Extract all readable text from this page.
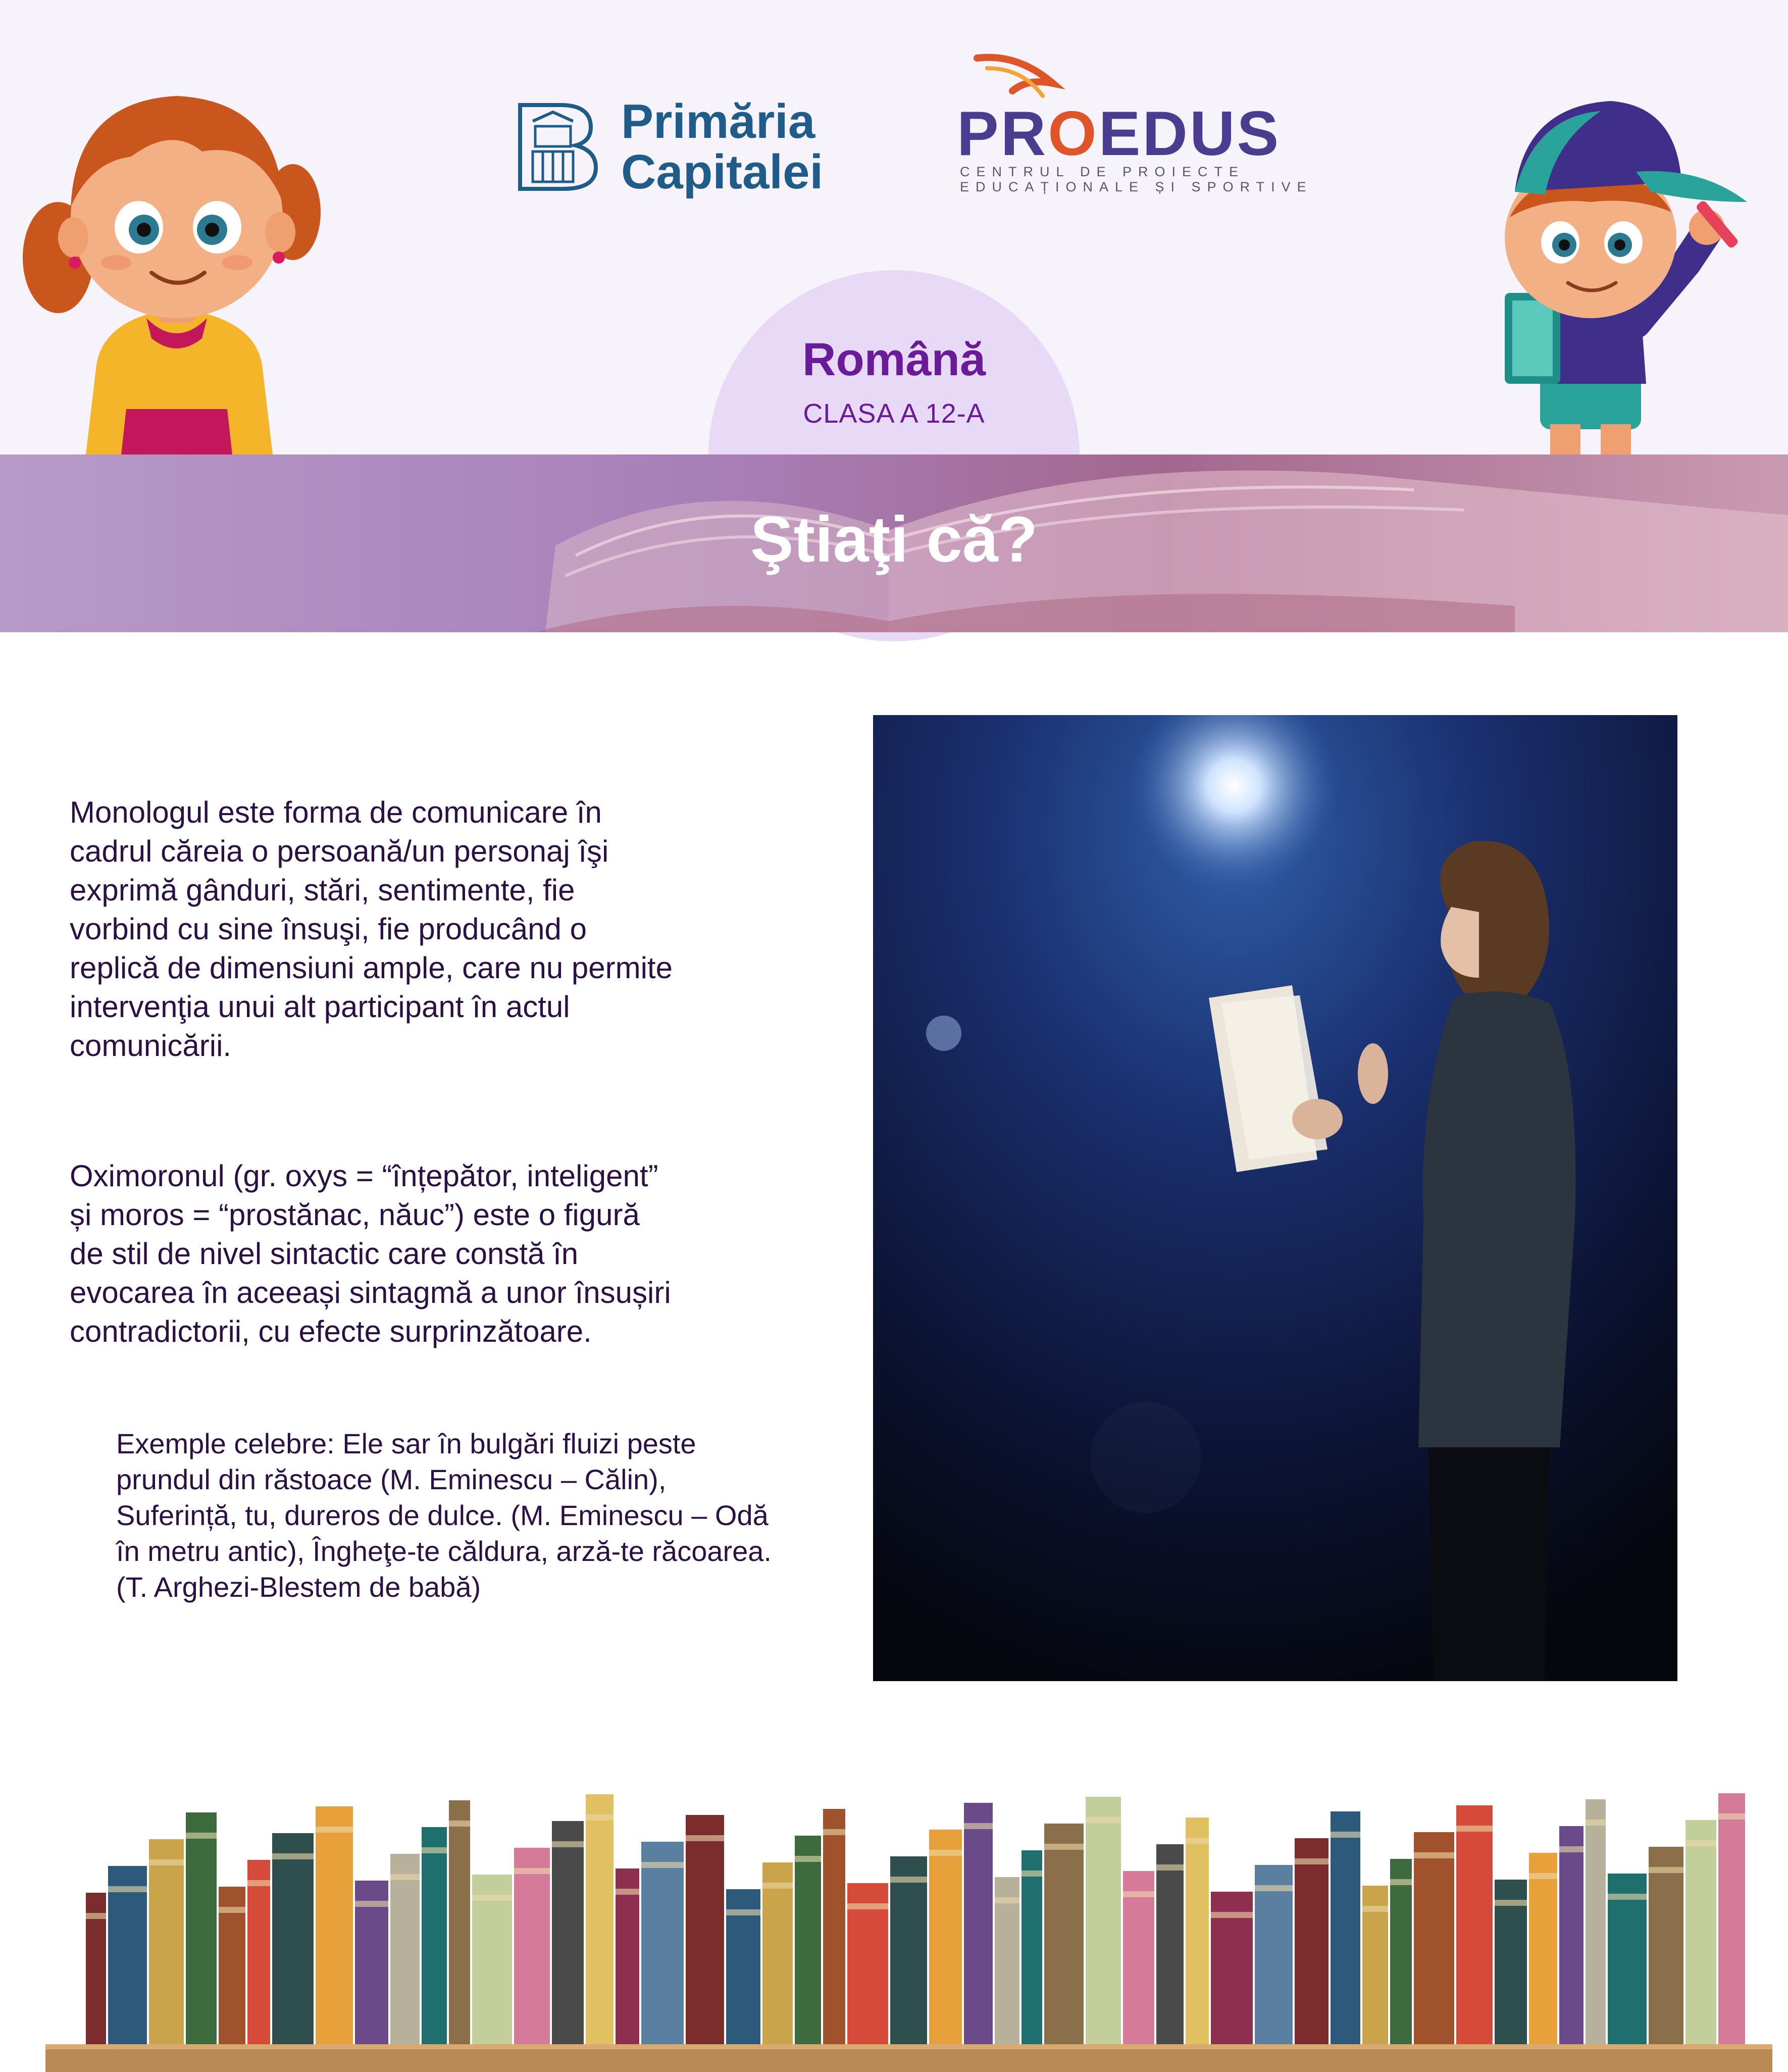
Primăria
Capitalei
PROEDUS
CENTRUL DE PROIECTE
EDUCAȚIONALE ȘI SPORTIVE
Română
CLASA A 12-A
Ştiaţi că?

Monologul este forma de comunicare în cadrul căreia o persoană/un personaj îşi exprimă gânduri, stări, sentimente, fie vorbind cu sine însuşi, fie producând o replică de dimensiuni ample, care nu permite intervenţia unui alt participant în actul comunicării.

Oximoronul (gr. oxys = “înțepător, inteligent” și moros = “prostănac, năuc”) este o figură de stil de nivel sintactic care constă în evocarea în aceeași sintagmă a unor însușiri contradictorii, cu efecte surprinzătoare.

Exemple celebre: Ele sar în bulgări fluizi peste prundul din răstoace (M. Eminescu – Călin), Suferință, tu, dureros de dulce. (M. Eminescu – Odă în metru antic), Îngheţe-te căldura, arză-te răcoarea. (T. Arghezi-Blestem de babă)
